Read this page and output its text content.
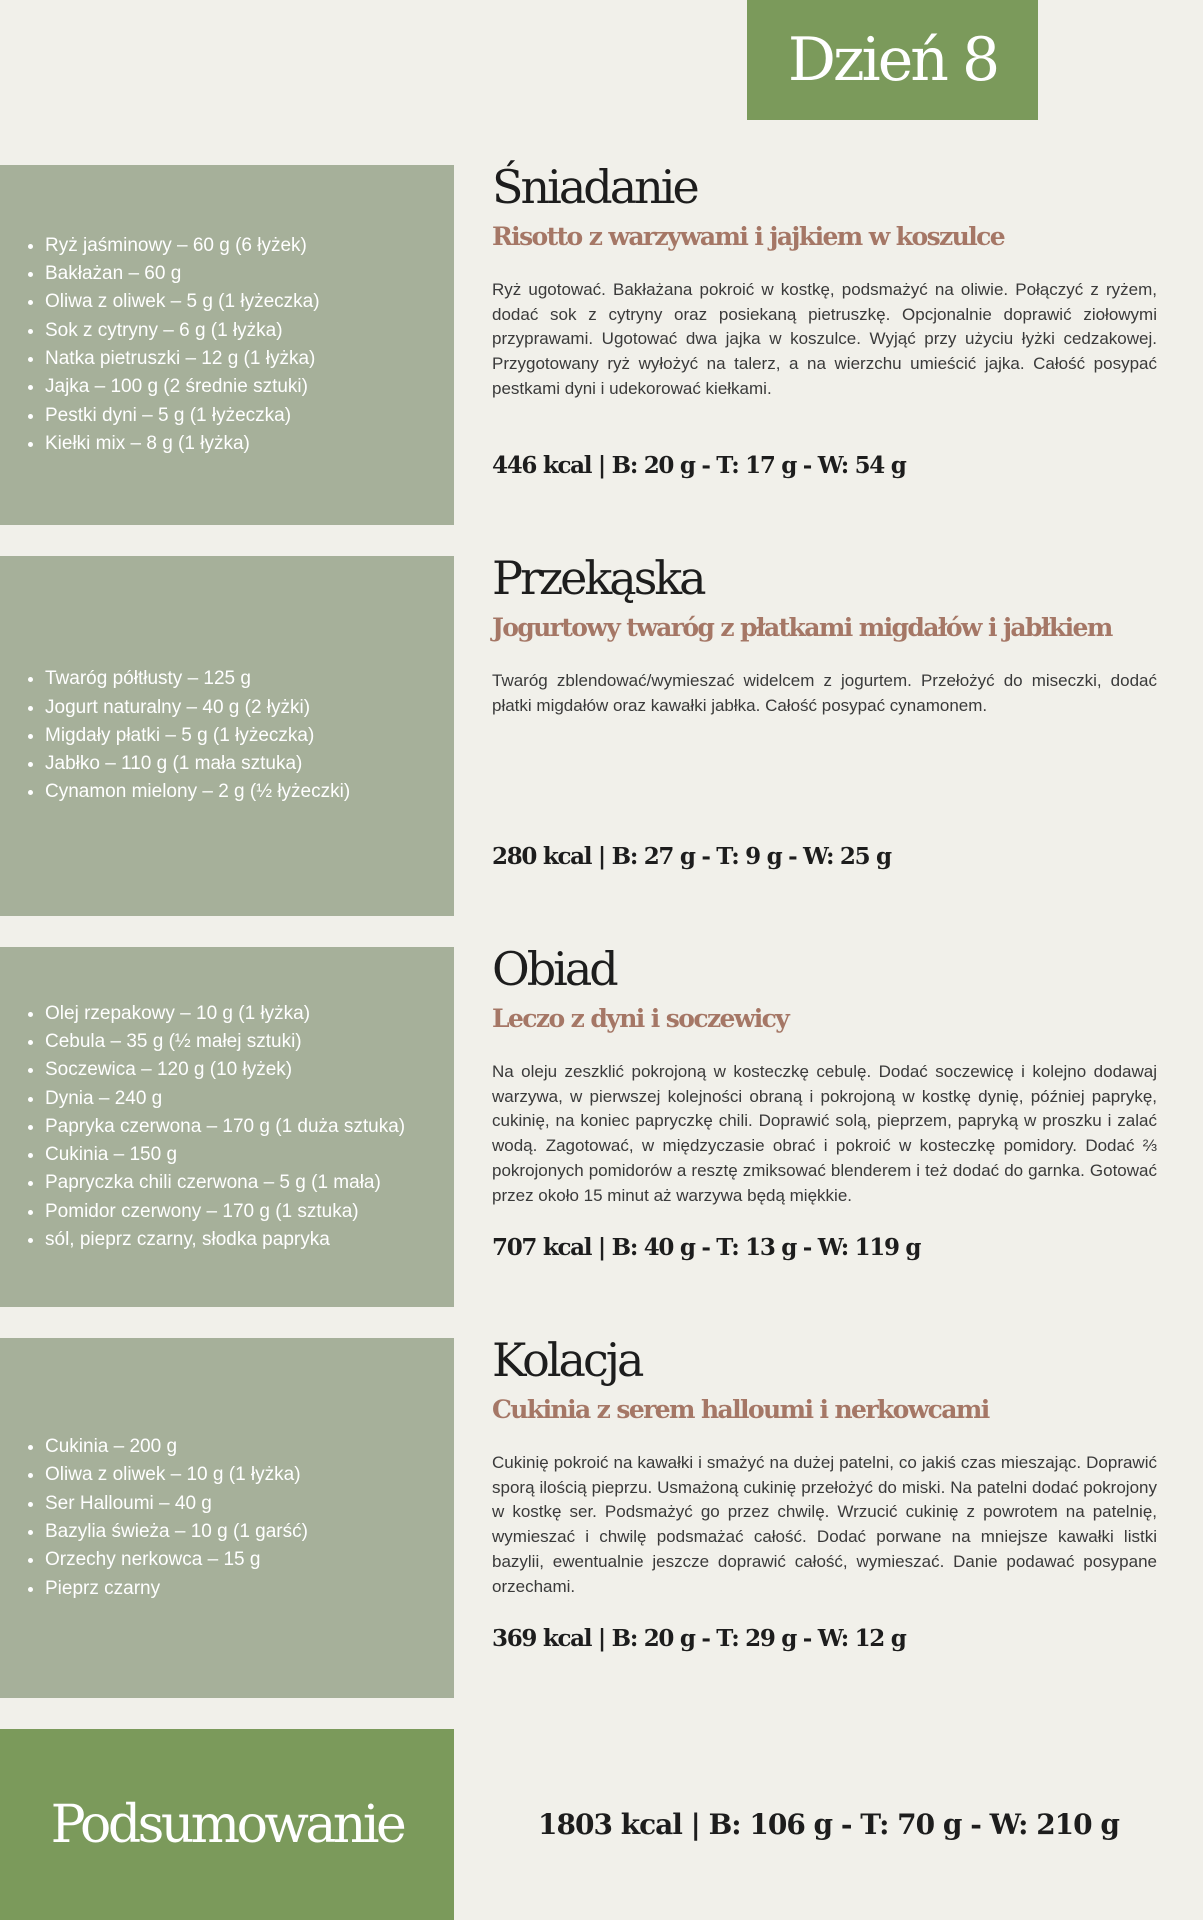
Dzień 8
• Ryż jaśminowy – 60 g (6 łyżek)
• Bakłażan – 60 g
• Oliwa z oliwek – 5 g (1 łyżeczka)
• Sok z cytryny – 6 g (1 łyżka)
• Natka pietruszki – 12 g (1 łyżka)
• Jajka – 100 g (2 średnie sztuki)
• Pestki dyni – 5 g (1 łyżeczka)
• Kiełki mix – 8 g (1 łyżka)
Śniadanie
Risotto z warzywami i jajkiem w koszulce

Ryż ugotować. Bakłażana pokroić w kostkę, podsmażyć na oliwie. Połączyć z ryżem, dodać sok z cytryny oraz posiekaną pietruszkę. Opcjonalnie doprawić ziołowymi przyprawami. Ugotować dwa jajka w koszulce. Wyjąć przy użyciu łyżki cedzakowej. Przygotowany ryż wyłożyć na talerz, a na wierzchu umieścić jajka. Całość posypać pestkami dyni i udekorować kiełkami.

446 kcal | B: 20 g - T: 17 g - W: 54 g
• Twaróg półtłusty – 125 g
• Jogurt naturalny – 40 g (2 łyżki)
• Migdały płatki – 5 g (1 łyżeczka)
• Jabłko – 110 g (1 mała sztuka)
• Cynamon mielony – 2 g (½ łyżeczki)
Przekąska
Jogurtowy twaróg z płatkami migdałów i jabłkiem

Twaróg zblendować/wymieszać widelcem z jogurtem. Przełożyć do miseczki, dodać płatki migdałów oraz kawałki jabłka. Całość posypać cynamonem.

280 kcal | B: 27 g - T: 9 g - W: 25 g
• Olej rzepakowy – 10 g (1 łyżka)
• Cebula – 35 g (½ małej sztuki)
• Soczewica – 120 g (10 łyżek)
• Dynia – 240 g
• Papryka czerwona – 170 g (1 duża sztuka)
• Cukinia – 150 g
• Papryczka chili czerwona – 5 g (1 mała)
• Pomidor czerwony – 170 g (1 sztuka)
• sól, pieprz czarny, słodka papryka
Obiad
Leczo z dyni i soczewicy

Na oleju zeszklić pokrojoną w kosteczkę cebulę. Dodać soczewicę i kolejno dodawaj warzywa, w pierwszej kolejności obraną i pokrojoną w kostkę dynię, później paprykę, cukinię, na koniec papryczkę chili. Doprawić solą, pieprzem, papryką w proszku i zalać wodą. Zagotować, w międzyczasie obrać i pokroić w kosteczkę pomidory. Dodać ⅔ pokrojonych pomidorów a resztę zmiksować blenderem i też dodać do garnka. Gotować przez około 15 minut aż warzywa będą miękkie.

707 kcal | B: 40 g - T: 13 g - W: 119 g
• Cukinia – 200 g
• Oliwa z oliwek – 10 g (1 łyżka)
• Ser Halloumi – 40 g
• Bazylia świeża – 10 g (1 garść)
• Orzechy nerkowca – 15 g
• Pieprz czarny
Kolacja
Cukinia z serem halloumi i nerkowcami

Cukinię pokroić na kawałki i smażyć na dużej patelni, co jakiś czas mieszając. Doprawić sporą ilością pieprzu. Usmażoną cukinię przełożyć do miski. Na patelni dodać pokrojony w kostkę ser. Podsmażyć go przez chwilę. Wrzucić cukinię z powrotem na patelnię, wymieszać i chwilę podsmażać całość. Dodać porwane na mniejsze kawałki listki bazylii, ewentualnie jeszcze doprawić całość, wymieszać. Danie podawać posypane orzechami.

369 kcal | B: 20 g - T: 29 g - W: 12 g
Podsumowanie	1803 kcal | B: 106 g - T: 70 g - W: 210 g
